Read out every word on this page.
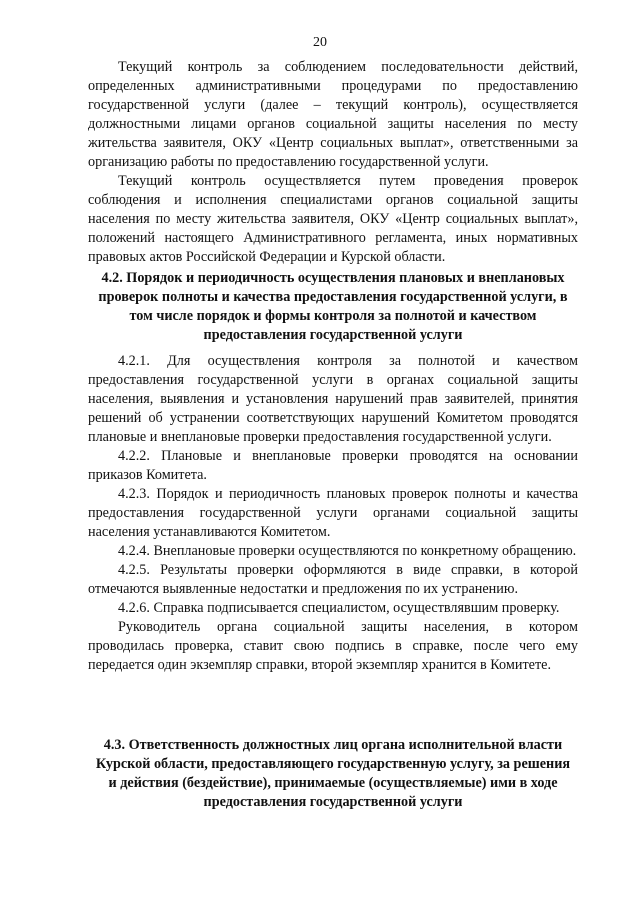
20

Текущий контроль за соблюдением последовательности действий, определенных административными процедурами по предоставлению государственной услуги (далее – текущий контроль), осуществляется должностными лицами органов социальной защиты населения по месту жительства заявителя, ОКУ «Центр социальных выплат», ответственными за организацию работы по предоставлению государственной услуги.

Текущий контроль осуществляется путем проведения проверок соблюдения и исполнения специалистами органов социальной защиты населения по месту жительства заявителя, ОКУ «Центр социальных выплат», положений настоящего Административного регламента, иных нормативных правовых актов Российской Федерации и Курской области.

4.2. Порядок и периодичность осуществления плановых и внеплановых проверок полноты и качества предоставления государственной услуги, в том числе порядок и формы контроля за полнотой и качеством предоставления государственной услуги

4.2.1. Для осуществления контроля за полнотой и качеством предоставления государственной услуги в органах социальной защиты населения, выявления и установления нарушений прав заявителей, принятия решений об устранении соответствующих нарушений Комитетом проводятся плановые и внеплановые проверки предоставления государственной услуги.

4.2.2. Плановые и внеплановые проверки проводятся на основании приказов Комитета.

4.2.3. Порядок и периодичность плановых проверок полноты и качества предоставления государственной услуги органами социальной защиты населения устанавливаются Комитетом.

4.2.4. Внеплановые проверки осуществляются по конкретному обращению.

4.2.5. Результаты проверки оформляются в виде справки, в которой отмечаются выявленные недостатки и предложения по их устранению.

4.2.6. Справка подписывается специалистом, осуществлявшим проверку.

Руководитель органа социальной защиты населения, в котором проводилась проверка, ставит свою подпись в справке, после чего ему передается один экземпляр справки, второй экземпляр хранится в Комитете.

4.3. Ответственность должностных лиц органа исполнительной власти Курской области, предоставляющего государственную услугу, за решения и действия (бездействие), принимаемые (осуществляемые) ими в ходе предоставления государственной услуги
